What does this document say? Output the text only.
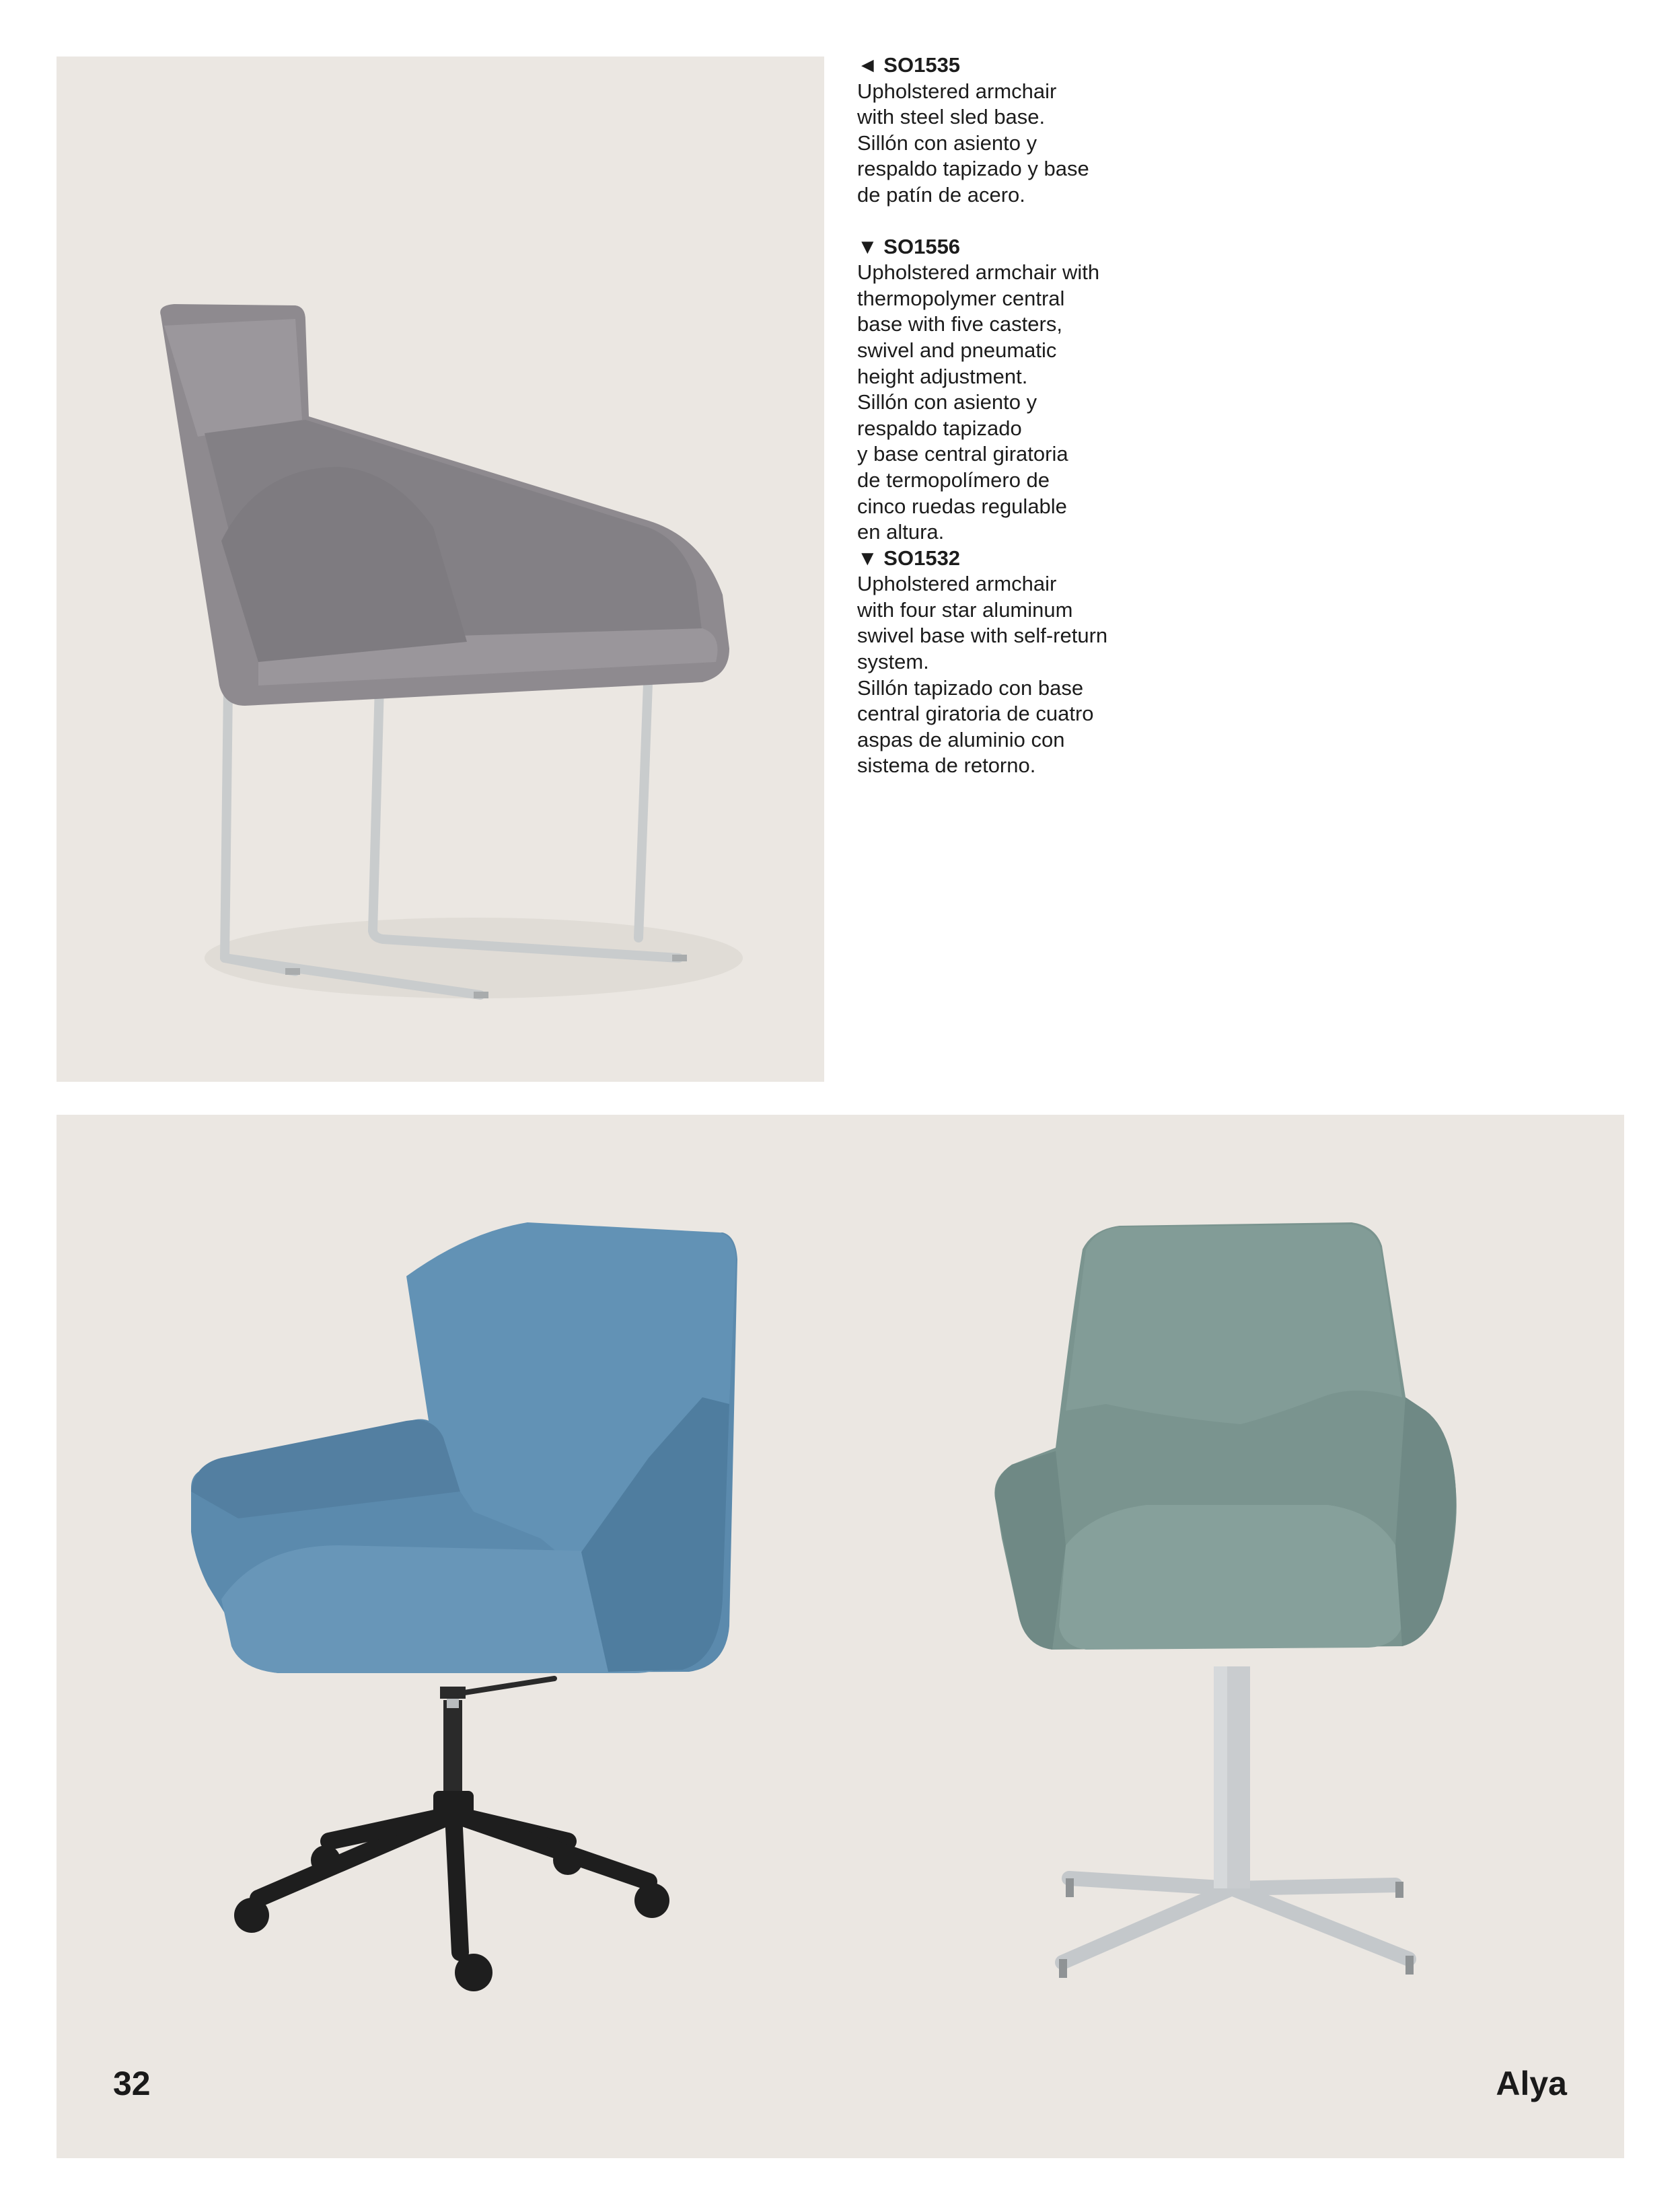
◄ SO1535
Upholstered armchair
with steel sled base.
Sillón con asiento y
respaldo tapizado y base
de patín de acero.
▼ SO1556
Upholstered armchair with
thermopolymer central
base with five casters,
swivel and pneumatic
height adjustment.
Sillón con asiento y
respaldo tapizado
y base central giratoria
de termopolímero de
cinco ruedas regulable
en altura.
▼ SO1532
Upholstered armchair
with four star aluminum
swivel base with self-return
system.
Sillón tapizado con base
central giratoria de cuatro
aspas de aluminio con
sistema de retorno.
32	Alya
